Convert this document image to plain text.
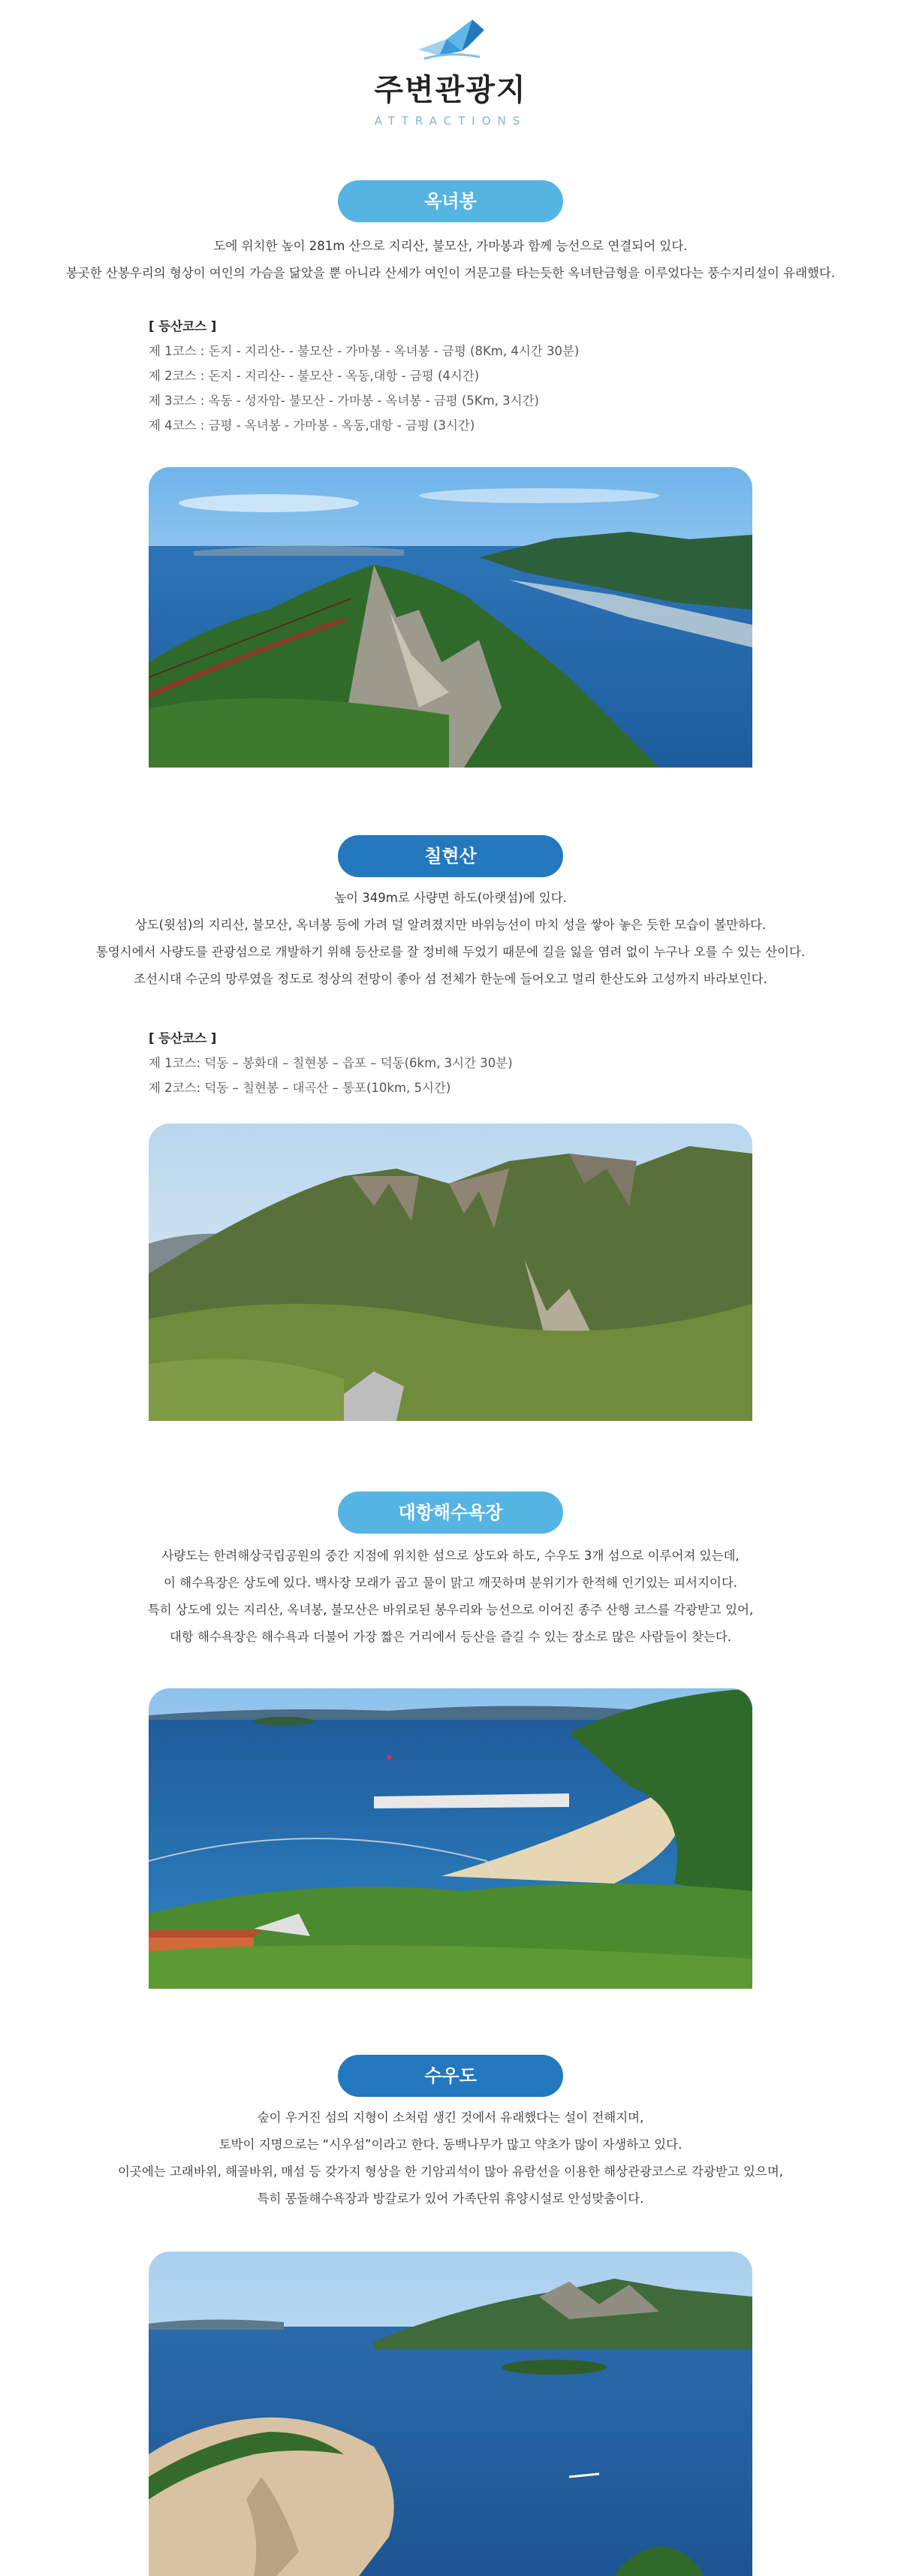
주변관광지
ATTRACTIONS
옥녀봉

도에 위치한 높이 281m 산으로 지리산, 불모산, 가마봉과 함께 능선으로 연결되어 있다.

봉곳한 산봉우리의 형상이 여인의 가슴을 닮았을 뿐 아니라 산세가 여인이 거문고를 타는듯한 옥녀탄금형을 이루었다는 풍수지리설이 유래했다.

[ 등산코스 ]

제 1코스 : 돈지 - 지리산- - 불모산 - 가마봉 - 옥녀봉 - 금평 (8Km, 4시간 30분)

제 2코스 : 돈지 - 지리산- - 불모산 - 옥동,대항 - 금평 (4시간)

제 3코스 : 옥동 - 성자암- 불모산 - 가마봉 - 옥녀봉 - 금평 (5Km, 3시간)

제 4코스 : 금평 - 옥녀봉 - 가마봉 - 옥동,대항 - 금평 (3시간)

칠현산

높이 349m로 사량면 하도(아랫섬)에 있다.

상도(윗섬)의 지리산, 불모산, 옥녀봉 등에 가려 덜 알려졌지만 바위능선이 마치 성을 쌓아 놓은 듯한 모습이 볼만하다.

통영시에서 사량도를 관광섬으로 개발하기 위해 등산로를 잘 정비해 두었기 때문에 길을 잃을 염려 없이 누구나 오를 수 있는 산이다.

조선시대 수군의 망루였을 정도로 정상의 전망이 좋아 섬 전체가 한눈에 들어오고 멀리 한산도와 고성까지 바라보인다.

[ 등산코스 ]

제 1코스: 덕동 – 봉화대 – 칠현봉 – 읍포 – 덕동(6km, 3시간 30분)

제 2코스: 덕동 – 칠현봉 – 대곡산 – 통포(10km, 5시간)

대항해수욕장

사량도는 한려해상국립공원의 중간 지점에 위치한 섬으로 상도와 하도, 수우도 3개 섬으로 이루어져 있는데,

이 해수욕장은 상도에 있다. 백사장 모래가 곱고 물이 맑고 깨끗하며 분위기가 한적해 인기있는 피서지이다.

특히 상도에 있는 지리산, 옥녀봉, 불모산은 바위로된 봉우리와 능선으로 이어진 종주 산행 코스를 각광받고 있어,

대항 해수욕장은 해수욕과 더불어 가장 짧은 거리에서 등산을 즐길 수 있는 장소로 많은 사람들이 찾는다.

수우도

숲이 우거진 섬의 지형이 소처럼 생긴 것에서 유래했다는 설이 전해지며,

토박이 지명으로는 “시우섬”이라고 한다. 동백나무가 많고 약초가 많이 자생하고 있다.

이곳에는 고래바위, 해골바위, 매섬 등 갖가지 형상을 한 기암괴석이 많아 유람선을 이용한 해상관광코스로 각광받고 있으며,

특히 몽돌해수욕장과 방갈로가 있어 가족단위 휴양시설로 안성맞춤이다.
